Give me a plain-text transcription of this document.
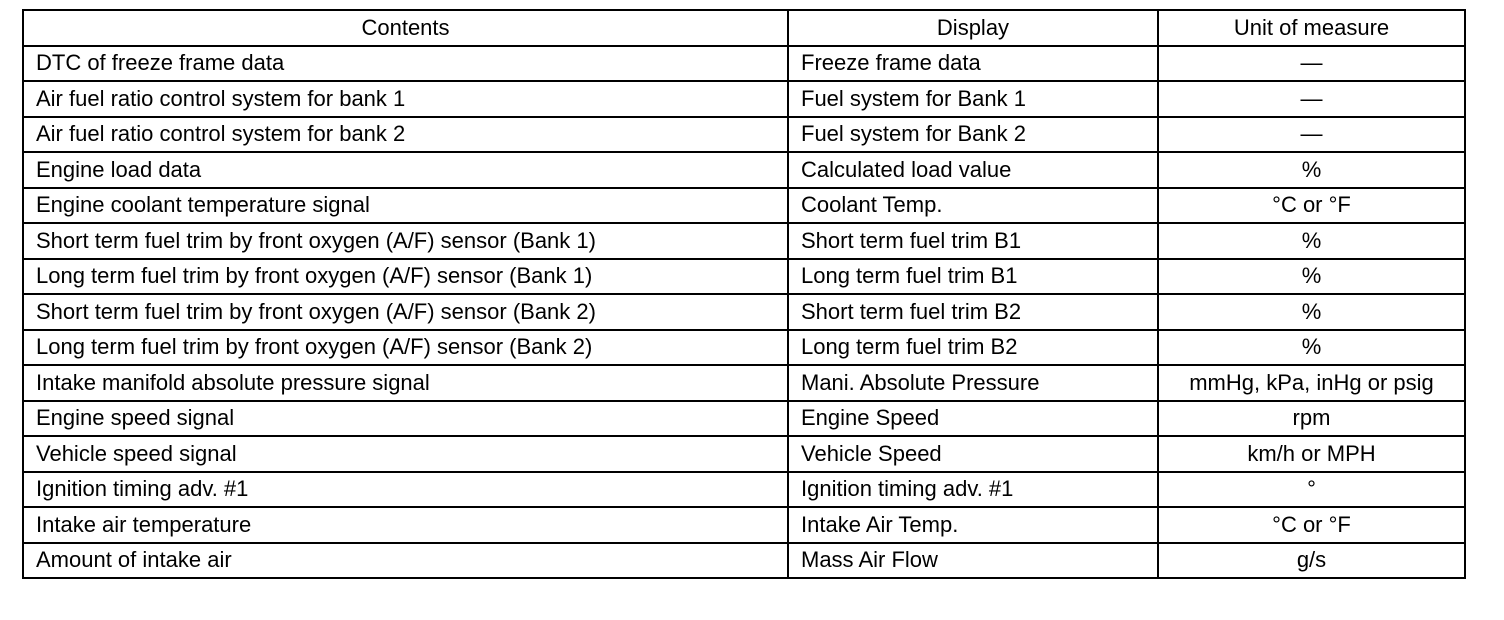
Contents	Display	Unit of measure
DTC of freeze frame data	Freeze frame data	—
Air fuel ratio control system for bank 1	Fuel system for Bank 1	—
Air fuel ratio control system for bank 2	Fuel system for Bank 2	—
Engine load data	Calculated load value	%
Engine coolant temperature signal	Coolant Temp.	°C or °F
Short term fuel trim by front oxygen (A/F) sensor (Bank 1)	Short term fuel trim B1	%
Long term fuel trim by front oxygen (A/F) sensor (Bank 1)	Long term fuel trim B1	%
Short term fuel trim by front oxygen (A/F) sensor (Bank 2)	Short term fuel trim B2	%
Long term fuel trim by front oxygen (A/F) sensor (Bank 2)	Long term fuel trim B2	%
Intake manifold absolute pressure signal	Mani. Absolute Pressure	mmHg, kPa, inHg or psig
Engine speed signal	Engine Speed	rpm
Vehicle speed signal	Vehicle Speed	km/h or MPH
Ignition timing adv. #1	Ignition timing adv. #1	°
Intake air temperature	Intake Air Temp.	°C or °F
Amount of intake air	Mass Air Flow	g/s
